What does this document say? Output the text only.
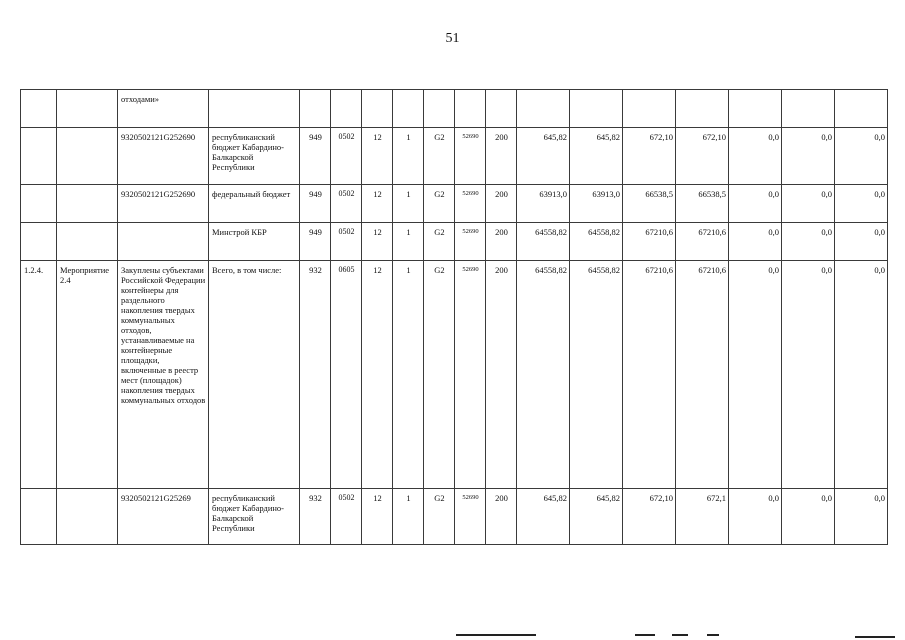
51
		отходами»	

		9320502121G252690	республиканский бюджет Кабардино-Балкарской Республики	949	0502	12	1	G2	52690	200	645,82	645,82	672,10	672,10	0,0	0,0	0,0

		9320502121G252690	федеральный бюджет	949	0502	12	1	G2	52690	200	63913,0	63913,0	66538,5	66538,5	0,0	0,0	0,0

			Минстрой КБР	949	0502	12	1	G2	52690	200	64558,82	64558,82	67210,6	67210,6	0,0	0,0	0,0
1.2.4.	Мероприятие 2.4	Закуплены субъектами Российской Федерации контейнеры для раздельного накопления твердых коммунальных отходов, устанавливаемые на контейнерные площадки, включенные в реестр мест (площадок) накопления твердых коммунальных отходов	Всего, в том числе:	932	0605	12	1	G2	52690	200	64558,82	64558,82	67210,6	67210,6	0,0	0,0	0,0

		9320502121G25269	республиканский бюджет Кабардино-Балкарской Республики	932	0502	12	1	G2	52690	200	645,82	645,82	672,10	672,1	0,0	0,0	0,0
